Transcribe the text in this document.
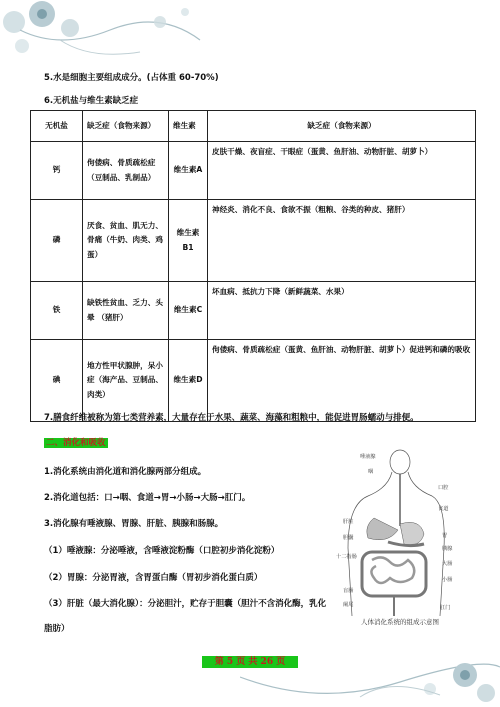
5.水是细胞主要组成成分。(占体重 60-70%)
6.无机盐与维生素缺乏症
无机盐	缺乏症（食物来源）	维生素	缺乏症（食物来源）
钙	佝偻病、骨质疏松症（豆制品、乳制品）	维生素A	皮肤干燥、夜盲症、干眼症（蛋黄、鱼肝油、动物肝脏、胡萝卜）
磷	厌食、贫血、肌无力、骨痛（牛奶、肉类、鸡蛋）	维生素B1	神经炎、消化不良、食欲不振（粗粮、谷类的种皮、猪肝）
铁	缺铁性贫血、乏力、头晕 （猪肝）	维生素C	坏血病、抵抗力下降（新鲜蔬菜、水果）
碘	地方性甲状腺肿，呆小症（海产品、豆制品、肉类）	维生素D	佝偻病、骨质疏松症（蛋黄、鱼肝油、动物肝脏、胡萝卜）促进钙和磷的吸收
7.膳食纤维被称为第七类营养素，大量存在于水果、蔬菜、海藻和粗粮中，能促进胃肠蠕动与排便。
二、消化和吸收
1.消化系统由消化道和消化腺两部分组成。
2.消化道包括：口→咽、食道→胃→小肠→大肠→肛门。
3.消化腺有唾液腺、胃腺、肝脏、胰腺和肠腺。
（1）唾液腺：分泌唾液，含唾液淀粉酶（口腔初步消化淀粉）
（2）胃腺：分泌胃液，含胃蛋白酶（胃初步消化蛋白质）
（3）肝脏（最大消化腺）：分泌胆汁，贮存于胆囊（胆汁不含消化酶，乳化
脂肪）
唾液腺
咽
口腔
食道
肝脏
胃
胆囊
胰腺
十二指肠
大肠
小肠
盲肠
阑尾	肛门
人体消化系统的组成示意图
第 5 页 共 26 页
